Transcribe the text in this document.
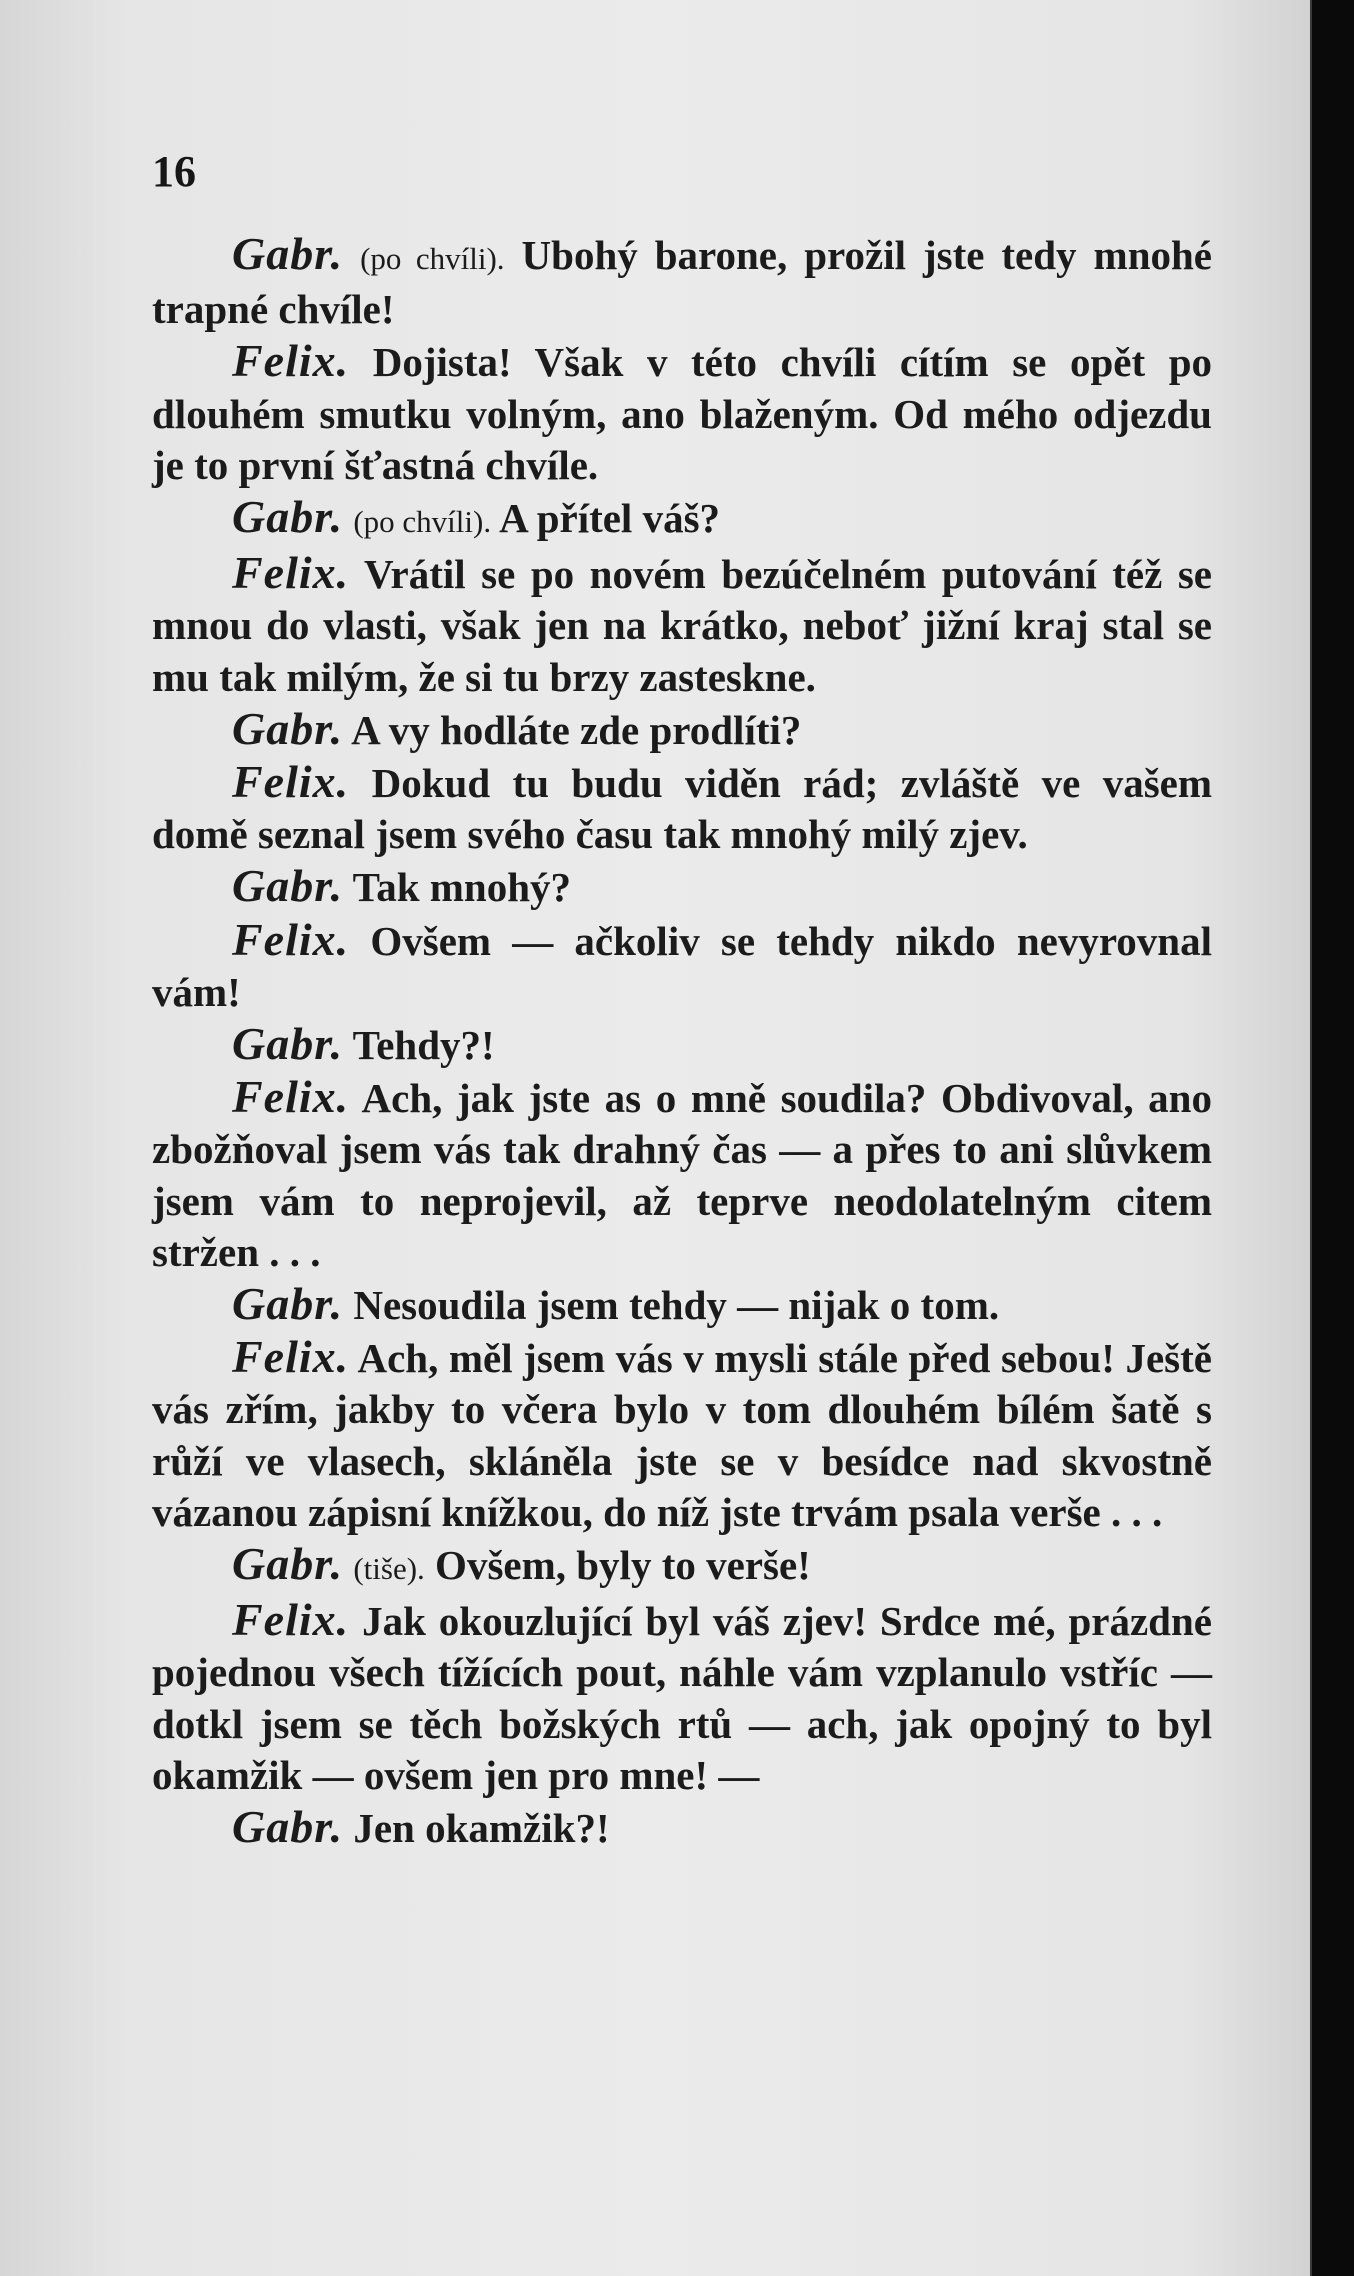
16

Gabr. (po chvíli). Ubohý barone, prožil jste tedy mnohé trapné chvíle!

Felix. Dojista! Však v této chvíli cítím se opět po dlouhém smutku volným, ano blaženým. Od mého odjezdu je to první šťastná chvíle.

Gabr. (po chvíli). A přítel váš?

Felix. Vrátil se po novém bezúčelném putování též se mnou do vlasti, však jen na krátko, neboť jižní kraj stal se mu tak milým, že si tu brzy zasteskne.

Gabr. A vy hodláte zde prodlíti?

Felix. Dokud tu budu viděn rád; zvláště ve vašem domě seznal jsem svého času tak mnohý milý zjev.

Gabr. Tak mnohý?

Felix. Ovšem — ačkoliv se tehdy nikdo nevyrovnal vám!

Gabr. Tehdy?!

Felix. Ach, jak jste as o mně soudila? Obdivoval, ano zbožňoval jsem vás tak drahný čas — a přes to ani slůvkem jsem vám to neprojevil, až teprve neodolatelným citem stržen . . .

Gabr. Nesoudila jsem tehdy — nijak o tom.

Felix. Ach, měl jsem vás v mysli stále před sebou! Ještě vás zřím, jakby to včera bylo v tom dlouhém bílém šatě s růží ve vlasech, skláněla jste se v besídce nad skvostně vázanou zápisní knížkou, do níž jste trvám psala verše . . .

Gabr. (tiše). Ovšem, byly to verše!

Felix. Jak okouzlující byl váš zjev! Srdce mé, prázdné pojednou všech tížících pout, náhle vám vzplanulo vstříc — dotkl jsem se těch božských rtů — ach, jak opojný to byl okamžik — ovšem jen pro mne! —

Gabr. Jen okamžik?!
